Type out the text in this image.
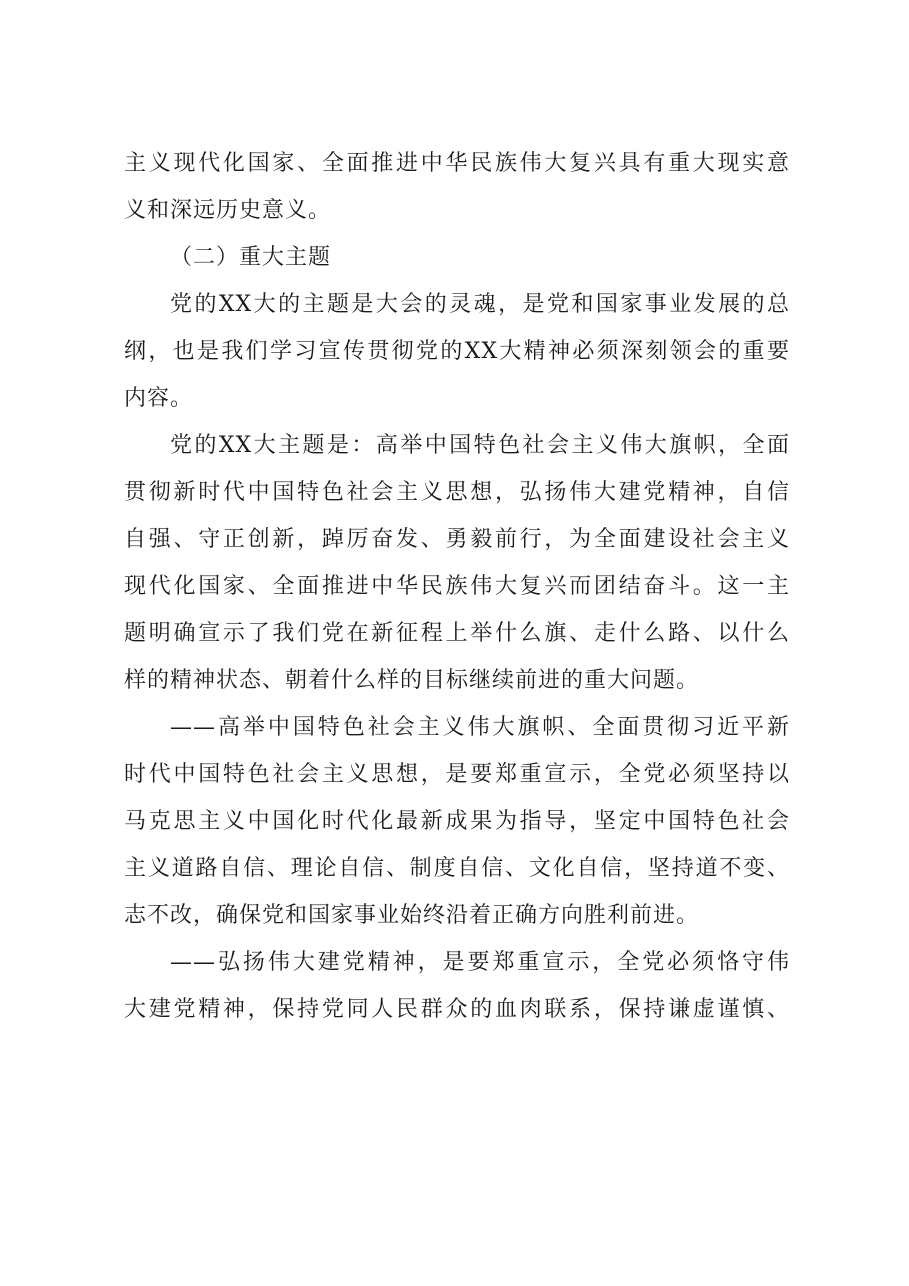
主义现代化国家、全面推进中华民族伟大复兴具有重大现实意
义和深远历史意义。
（二）重大主题
党的XX大的主题是大会的灵魂，是党和国家事业发展的总
纲，也是我们学习宣传贯彻党的XX大精神必须深刻领会的重要
内容。
党的XX大主题是：高举中国特色社会主义伟大旗帜，全面
贯彻新时代中国特色社会主义思想，弘扬伟大建党精神，自信
自强、守正创新，踔厉奋发、勇毅前行，为全面建设社会主义
现代化国家、全面推进中华民族伟大复兴而团结奋斗。这一主
题明确宣示了我们党在新征程上举什么旗、走什么路、以什么
样的精神状态、朝着什么样的目标继续前进的重大问题。
——高举中国特色社会主义伟大旗帜、全面贯彻习近平新
时代中国特色社会主义思想，是要郑重宣示，全党必须坚持以
马克思主义中国化时代化最新成果为指导，坚定中国特色社会
主义道路自信、理论自信、制度自信、文化自信，坚持道不变、
志不改，确保党和国家事业始终沿着正确方向胜利前进。
——弘扬伟大建党精神，是要郑重宣示，全党必须恪守伟
大建党精神，保持党同人民群众的血肉联系，保持谦虚谨慎、
